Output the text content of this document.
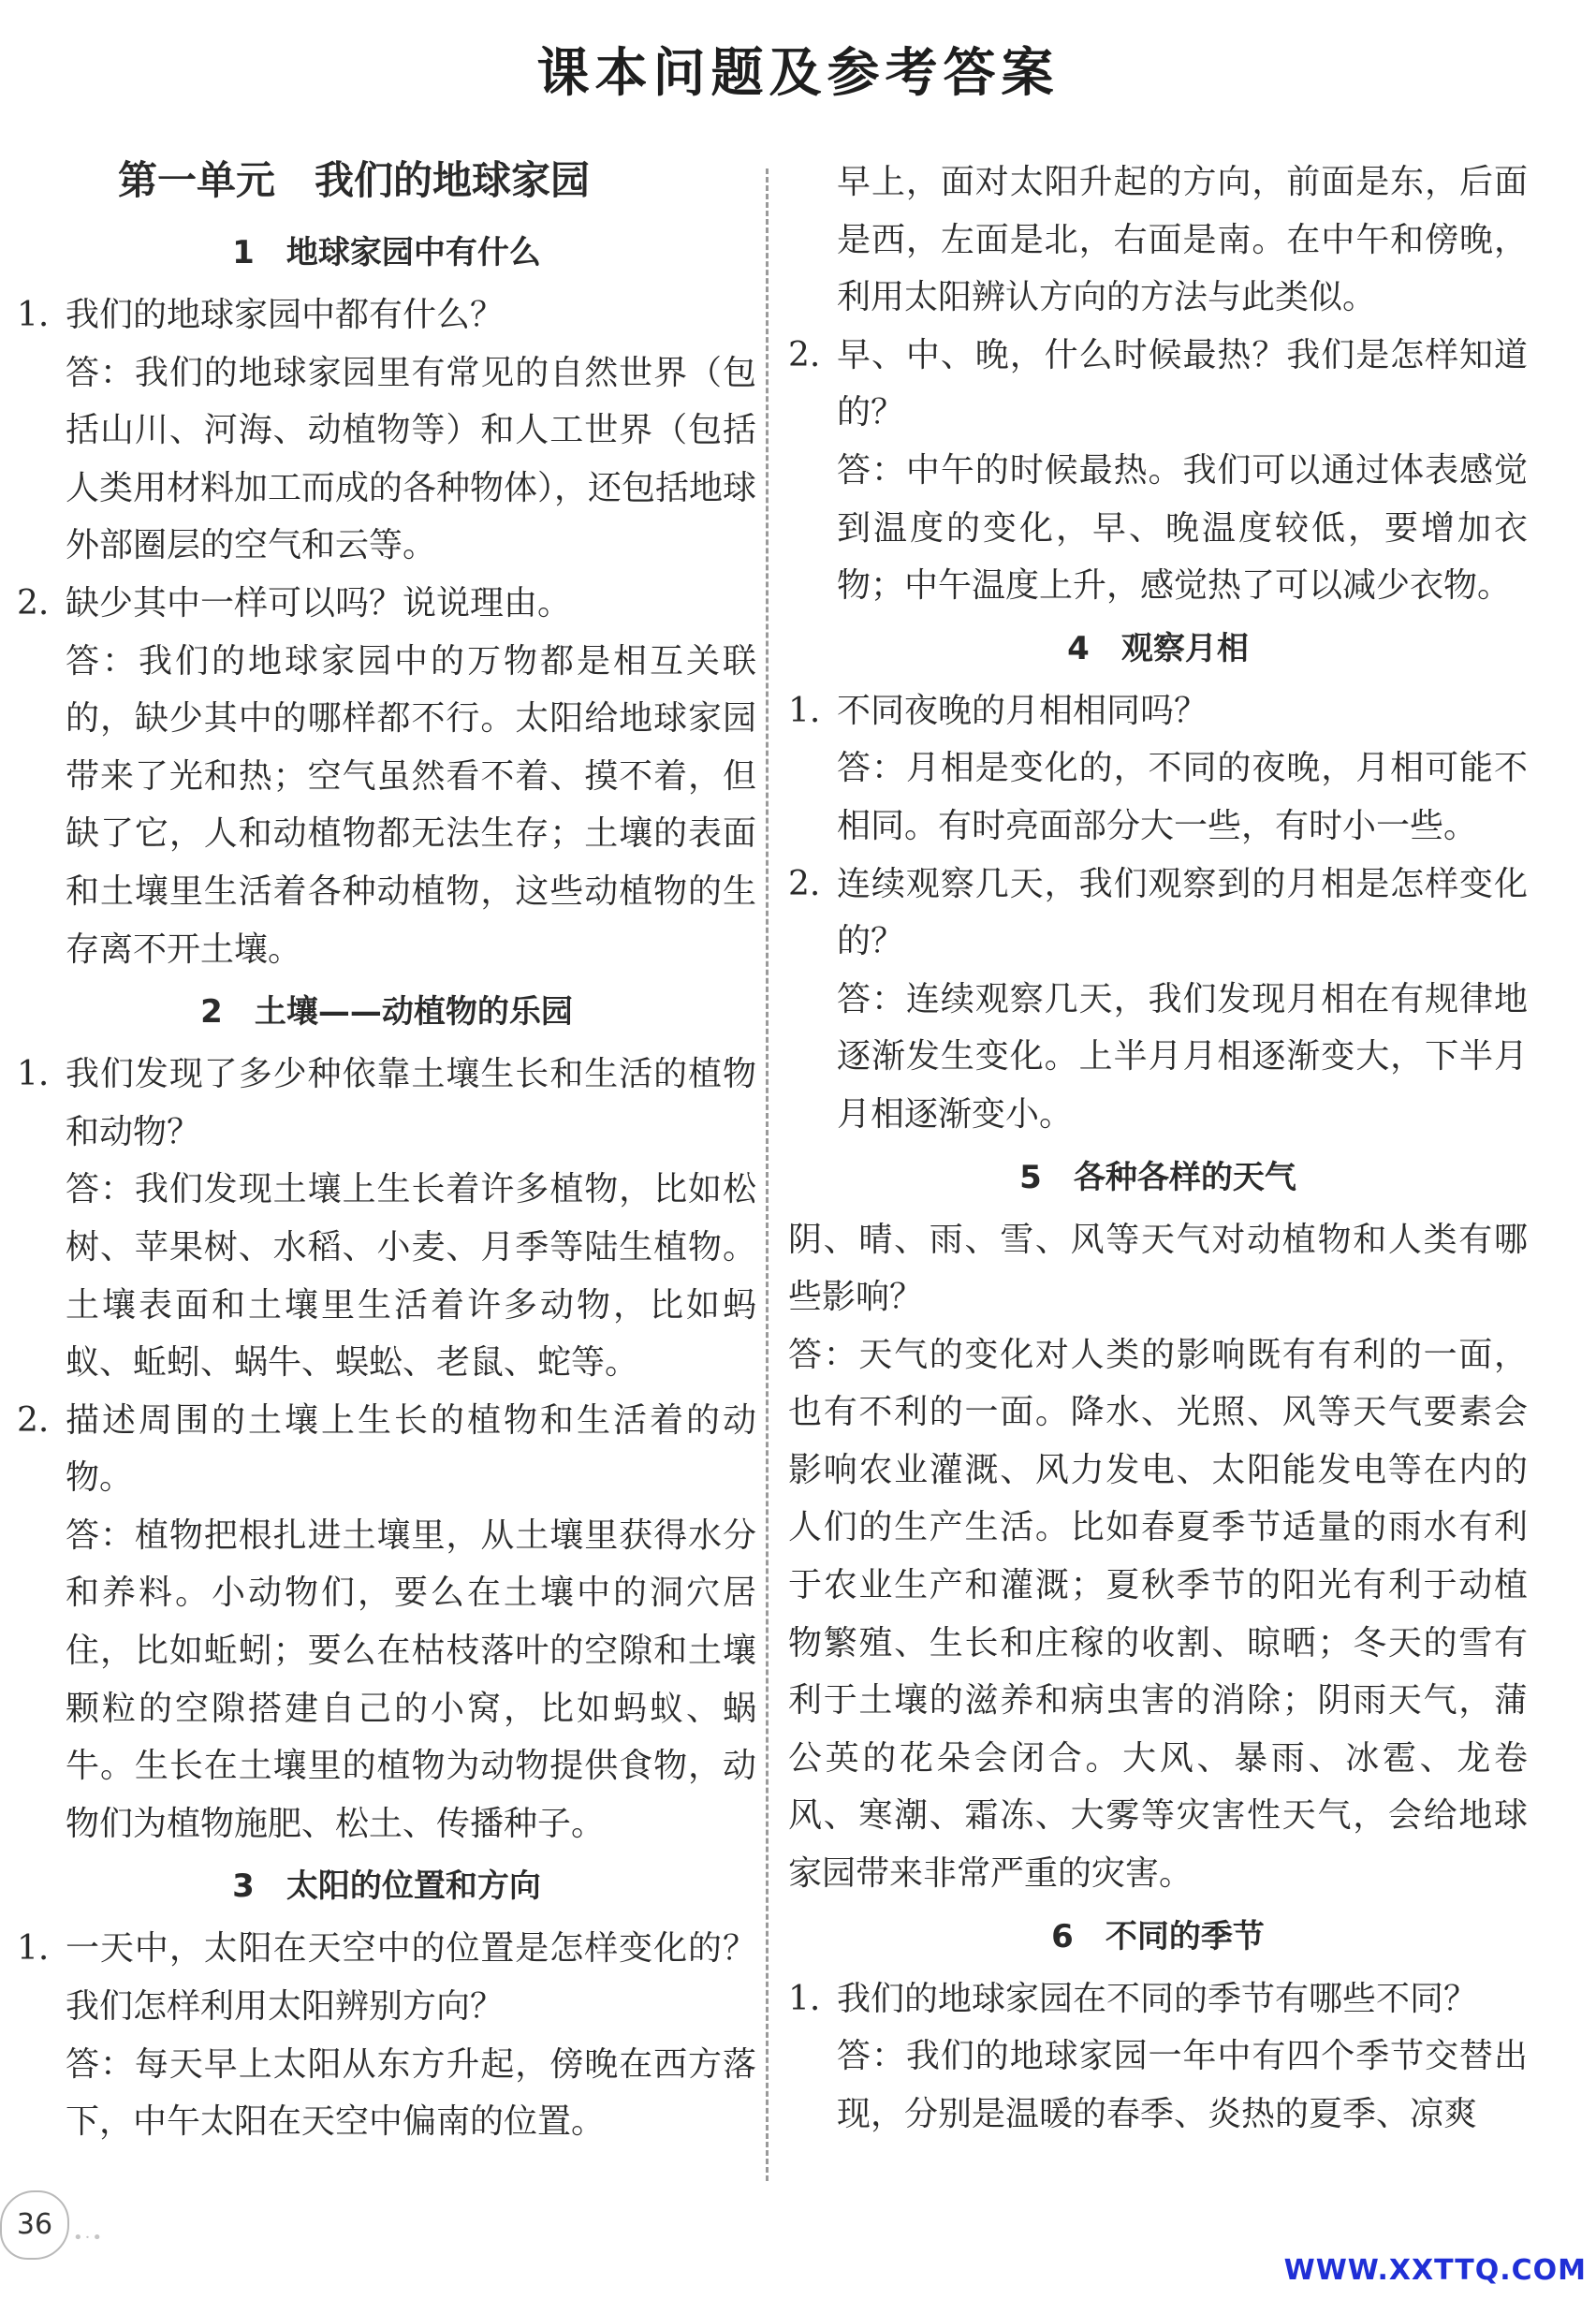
课本问题及参考答案
第一单元　我们的地球家园
1　地球家园中有什么
1. 我们的地球家园中都有什么？
答：我们的地球家园里有常见的自然世界（包括山川、河海、动植物等）和人工世界（包括人类用材料加工而成的各种物体），还包括地球外部圈层的空气和云等。
2. 缺少其中一样可以吗？说说理由。
答：我们的地球家园中的万物都是相互关联的，缺少其中的哪样都不行。太阳给地球家园带来了光和热；空气虽然看不着、摸不着，但缺了它，人和动植物都无法生存；土壤的表面和土壤里生活着各种动植物，这些动植物的生存离不开土壤。
2　土壤——动植物的乐园
1. 我们发现了多少种依靠土壤生长和生活的植物和动物？
答：我们发现土壤上生长着许多植物，比如松树、苹果树、水稻、小麦、月季等陆生植物。土壤表面和土壤里生活着许多动物，比如蚂蚁、蚯蚓、蜗牛、蜈蚣、老鼠、蛇等。
2. 描述周围的土壤上生长的植物和生活着的动物。
答：植物把根扎进土壤里，从土壤里获得水分和养料。小动物们，要么在土壤中的洞穴居住，比如蚯蚓；要么在枯枝落叶的空隙和土壤颗粒的空隙搭建自己的小窝，比如蚂蚁、蜗牛。生长在土壤里的植物为动物提供食物，动物们为植物施肥、松土、传播种子。
3　太阳的位置和方向
1. 一天中，太阳在天空中的位置是怎样变化的？我们怎样利用太阳辨别方向？
答：每天早上太阳从东方升起，傍晚在西方落下，中午太阳在天空中偏南的位置。
早上，面对太阳升起的方向，前面是东，后面是西，左面是北，右面是南。在中午和傍晚，利用太阳辨认方向的方法与此类似。
2. 早、中、晚，什么时候最热？我们是怎样知道的？
答：中午的时候最热。我们可以通过体表感觉到温度的变化，早、晚温度较低，要增加衣物；中午温度上升，感觉热了可以减少衣物。
4　观察月相
1. 不同夜晚的月相相同吗？
答：月相是变化的，不同的夜晚，月相可能不相同。有时亮面部分大一些，有时小一些。
2. 连续观察几天，我们观察到的月相是怎样变化的？
答：连续观察几天，我们发现月相在有规律地逐渐发生变化。上半月月相逐渐变大，下半月月相逐渐变小。
5　各种各样的天气
阴、晴、雨、雪、风等天气对动植物和人类有哪些影响？
答：天气的变化对人类的影响既有有利的一面，也有不利的一面。降水、光照、风等天气要素会影响农业灌溉、风力发电、太阳能发电等在内的人们的生产生活。比如春夏季节适量的雨水有利于农业生产和灌溉；夏秋季节的阳光有利于动植物繁殖、生长和庄稼的收割、晾晒；冬天的雪有利于土壤的滋养和病虫害的消除；阴雨天气，蒲公英的花朵会闭合。大风、暴雨、冰雹、龙卷风、寒潮、霜冻、大雾等灾害性天气，会给地球家园带来非常严重的灾害。
6　不同的季节
1. 我们的地球家园在不同的季节有哪些不同？
答：我们的地球家园一年中有四个季节交替出现，分别是温暖的春季、炎热的夏季、凉爽
36	•·•
WWW.XXTTQ.COM
